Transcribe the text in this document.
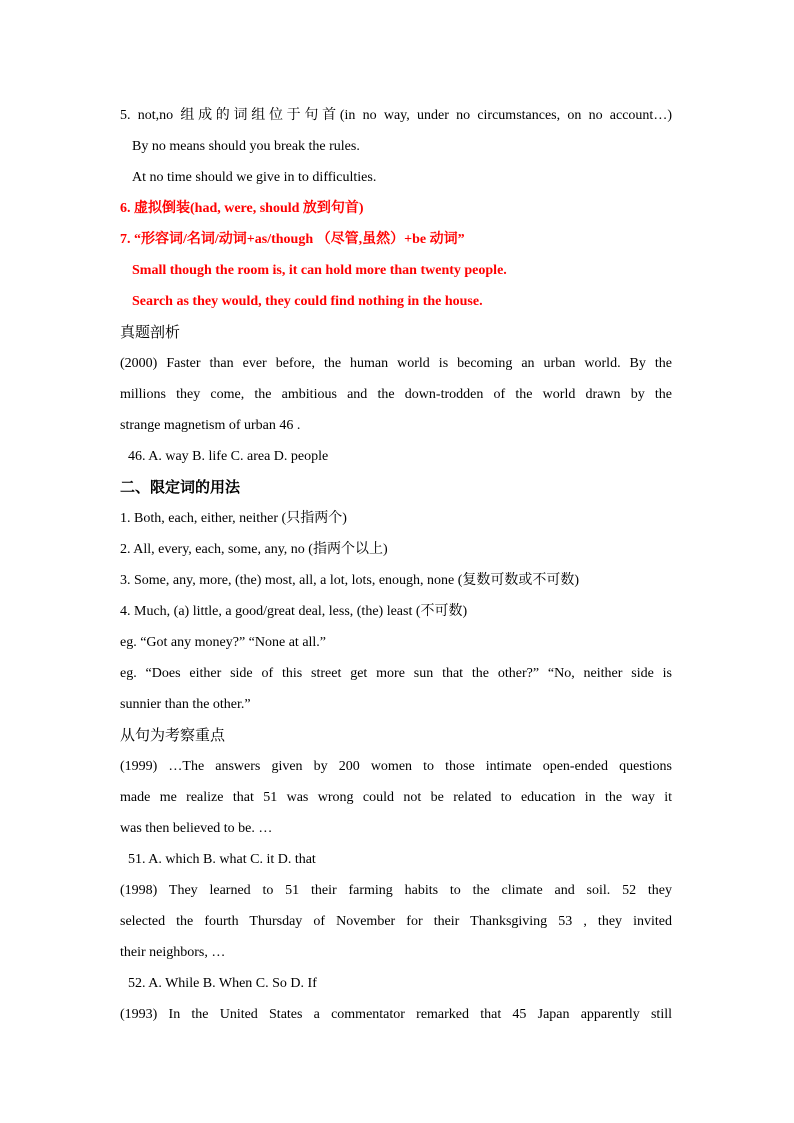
5. not,no 组成的词组位于句首(in no way, under no circumstances, on no account…)
By no means should you break the rules.
At no time should we give in to difficulties.
6. 虚拟倒装(had, were, should 放到句首)
7. “形容词/名词/动词+as/though （尽管,虽然）+be 动词”
Small though the room is, it can hold more than twenty people.
Search as they would, they could find nothing in the house.
真题剖析
(2000) Faster than ever before, the human world is becoming an urban world. By the
millions they come, the ambitious and the down-trodden of the world drawn by the
strange magnetism of urban 46 .
46. A. way B. life C. area D. people
二、限定词的用法
1. Both, each, either, neither (只指两个)
2. All, every, each, some, any, no (指两个以上)
3. Some, any, more, (the) most, all, a lot, lots, enough, none (复数可数或不可数)
4. Much, (a) little, a good/great deal, less, (the) least (不可数)
eg. “Got any money?” “None at all.”
eg. “Does either side of this street get more sun that the other?” “No, neither side is
sunnier than the other.”
从句为考察重点
(1999) …The answers given by 200 women to those intimate open-ended questions
made me realize that 51 was wrong could not be related to education in the way it
was then believed to be. …
51. A. which B. what C. it D. that
(1998) They learned to 51 their farming habits to the climate and soil. 52 they
selected the fourth Thursday of November for their Thanksgiving 53 , they invited
their neighbors, …
52. A. While B. When C. So D. If
(1993) In the United States a commentator remarked that 45 Japan apparently still
